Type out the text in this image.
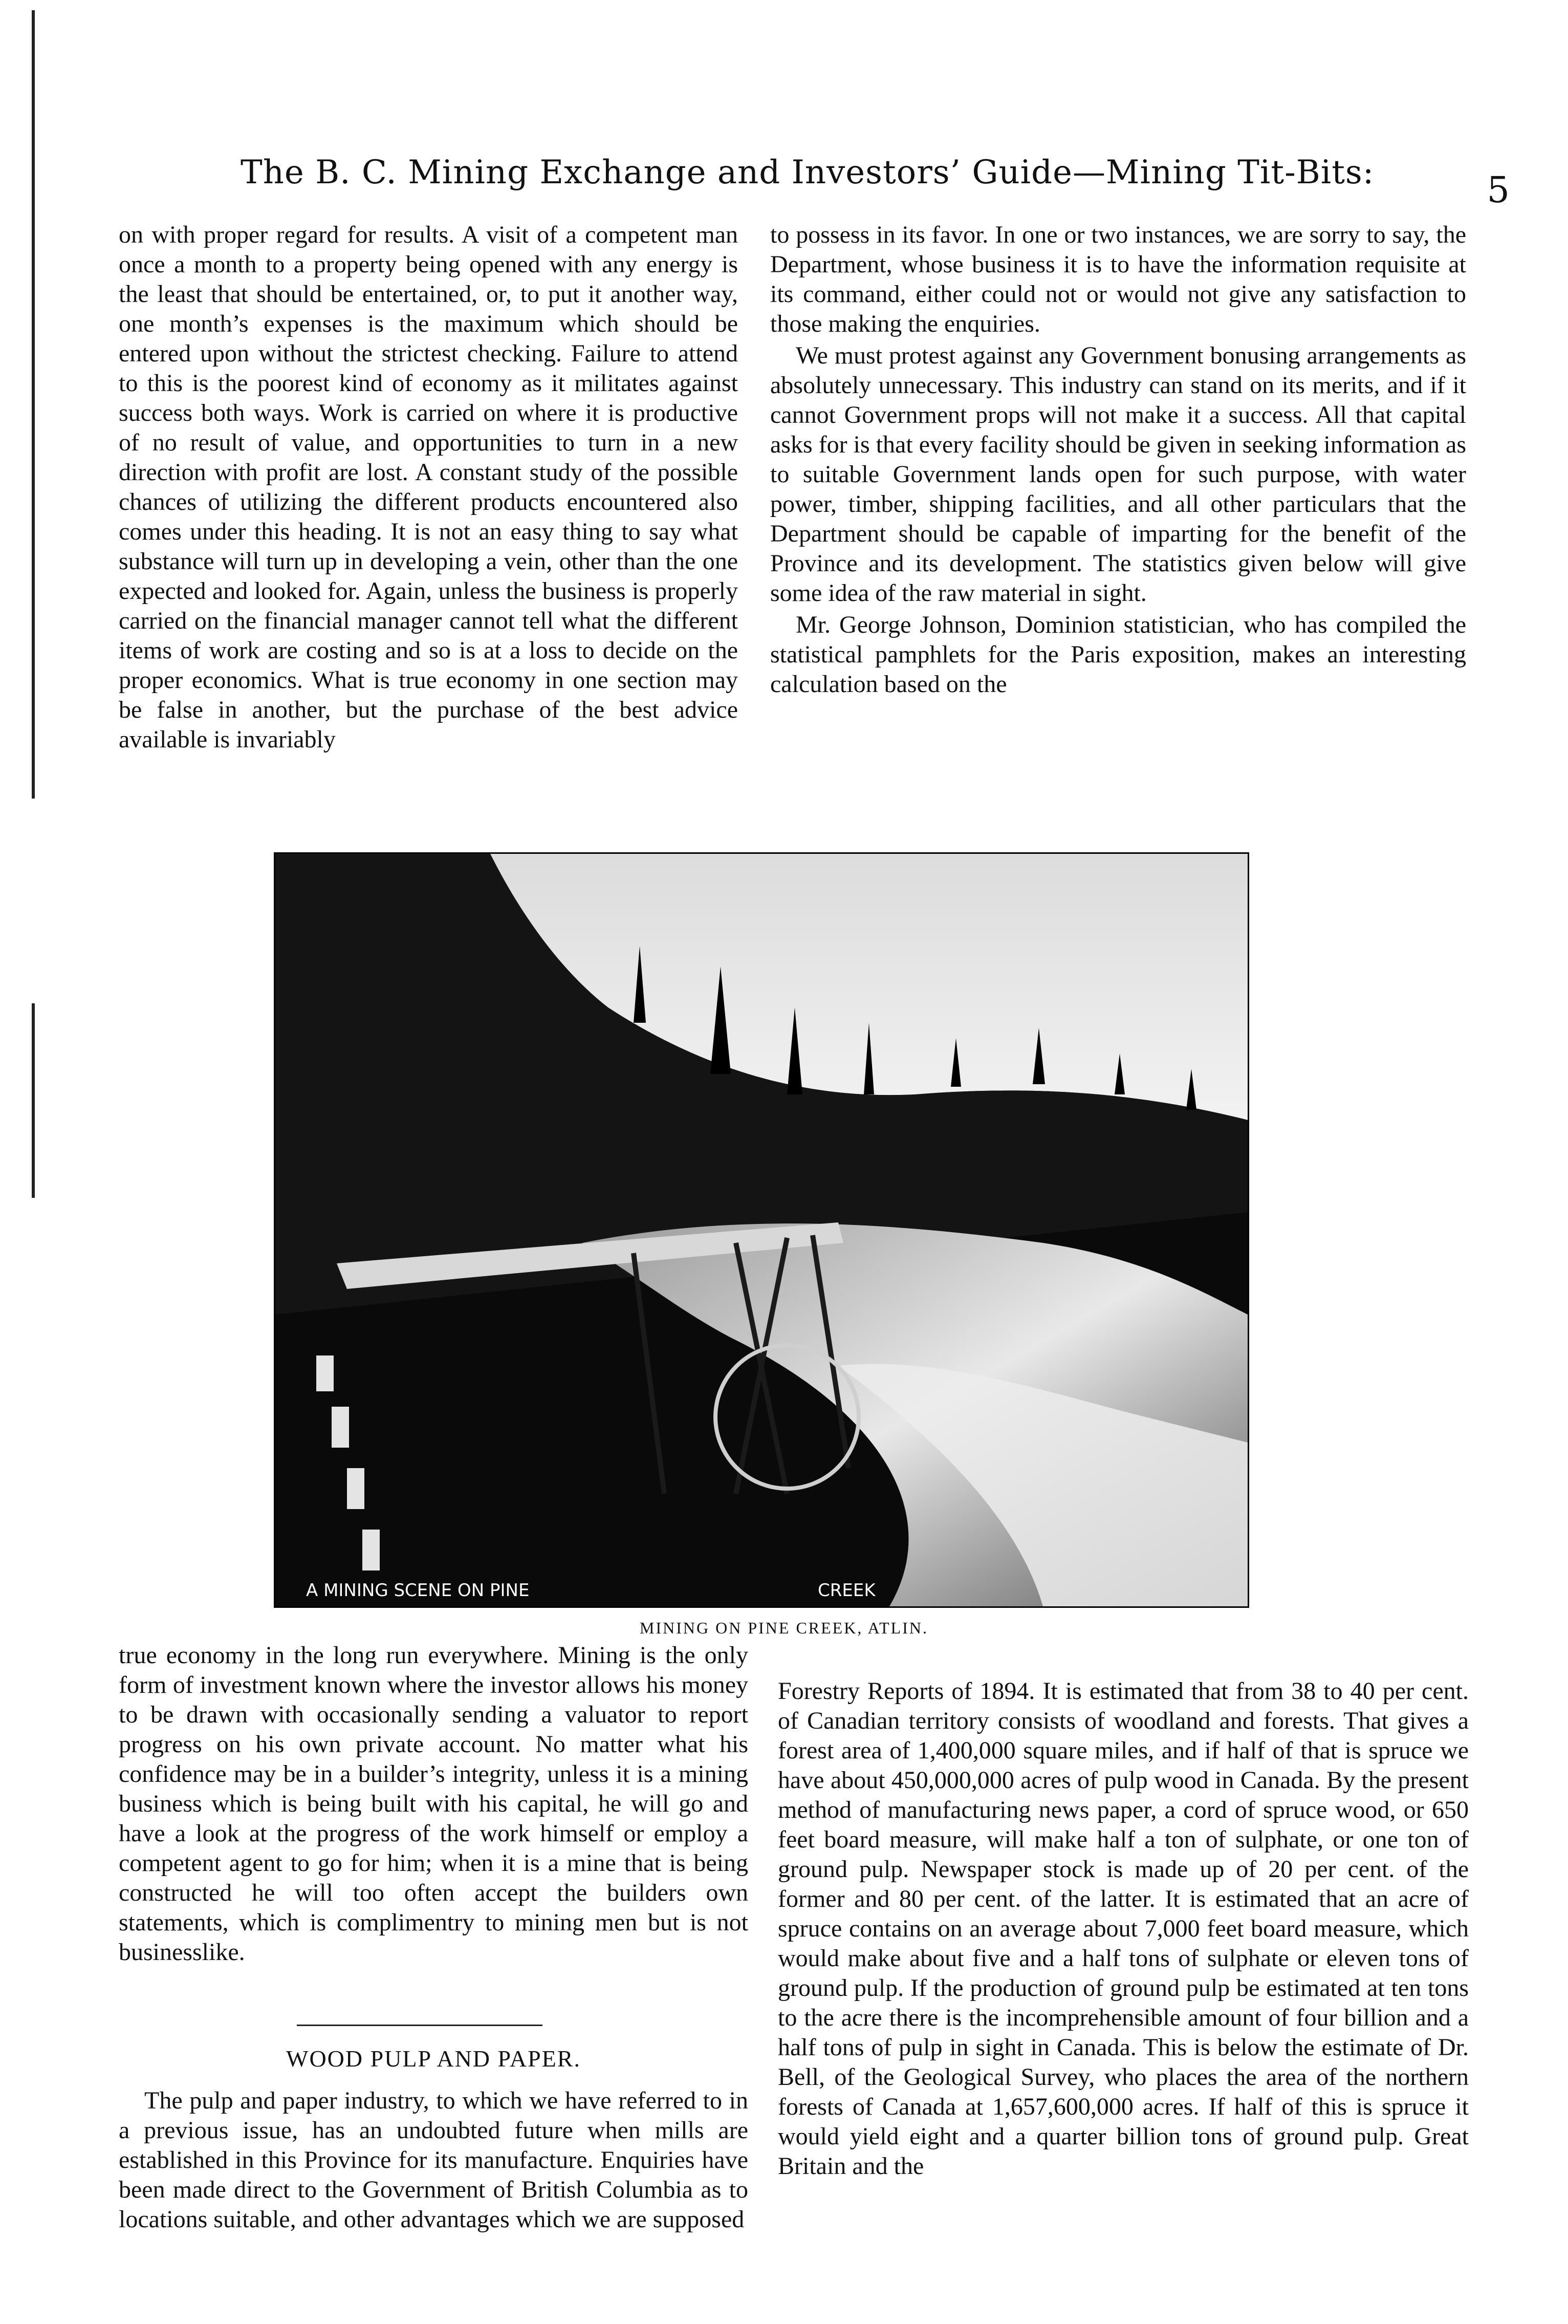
The B. C. Mining Exchange and Investors’ Guide—Mining Tit-Bits:	5

on with proper regard for results. A visit of a competent man once a month to a property being opened with any energy is the least that should be entertained, or, to put it another way, one month’s expenses is the maximum which should be entered upon without the strictest checking. Failure to attend to this is the poorest kind of economy as it militates against success both ways. Work is carried on where it is productive of no result of value, and opportunities to turn in a new direction with profit are lost. A constant study of the possible chances of utilizing the different products encountered also comes under this heading. It is not an easy thing to say what substance will turn up in developing a vein, other than the one expected and looked for. Again, unless the business is properly carried on the financial manager cannot tell what the different items of work are costing and so is at a loss to decide on the proper economics. What is true economy in one section may be false in another, but the purchase of the best advice available is invariably

to possess in its favor. In one or two instances, we are sorry to say, the Department, whose business it is to have the information requisite at its command, either could not or would not give any satisfaction to those making the enquiries.

We must protest against any Government bonusing arrangements as absolutely unnecessary. This industry can stand on its merits, and if it cannot Government props will not make it a success. All that capital asks for is that every facility should be given in seeking information as to suitable Government lands open for such purpose, with water power, timber, shipping facilities, and all other particulars that the Department should be capable of imparting for the benefit of the Province and its development. The statistics given below will give some idea of the raw material in sight.

Mr. George Johnson, Dominion statistician, who has compiled the statistical pamphlets for the Paris exposition, makes an interesting calculation based on the

A MINING SCENE ON PINE	CREEK
MINING ON PINE CREEK, ATLIN.

true economy in the long run everywhere. Mining is the only form of investment known where the investor allows his money to be drawn with occasionally sending a valuator to report progress on his own private account. No matter what his confidence may be in a builder’s integrity, unless it is a mining business which is being built with his capital, he will go and have a look at the progress of the work himself or employ a competent agent to go for him; when it is a mine that is being constructed he will too often accept the builders own statements, which is complimentry to mining men but is not businesslike.

WOOD PULP AND PAPER.

The pulp and paper industry, to which we have referred to in a previous issue, has an undoubted future when mills are established in this Province for its manufacture. Enquiries have been made direct to the Government of British Columbia as to locations suitable, and other advantages which we are supposed

Forestry Reports of 1894. It is estimated that from 38 to 40 per cent. of Canadian territory consists of woodland and forests. That gives a forest area of 1,400,000 square miles, and if half of that is spruce we have about 450,000,000 acres of pulp wood in Canada. By the present method of manufacturing news paper, a cord of spruce wood, or 650 feet board measure, will make half a ton of sulphate, or one ton of ground pulp. Newspaper stock is made up of 20 per cent. of the former and 80 per cent. of the latter. It is estimated that an acre of spruce contains on an average about 7,000 feet board measure, which would make about five and a half tons of sulphate or eleven tons of ground pulp. If the production of ground pulp be estimated at ten tons to the acre there is the incomprehensible amount of four billion and a half tons of pulp in sight in Canada. This is below the estimate of Dr. Bell, of the Geological Survey, who places the area of the northern forests of Canada at 1,657,600,000 acres. If half of this is spruce it would yield eight and a quarter billion tons of ground pulp. Great Britain and the
